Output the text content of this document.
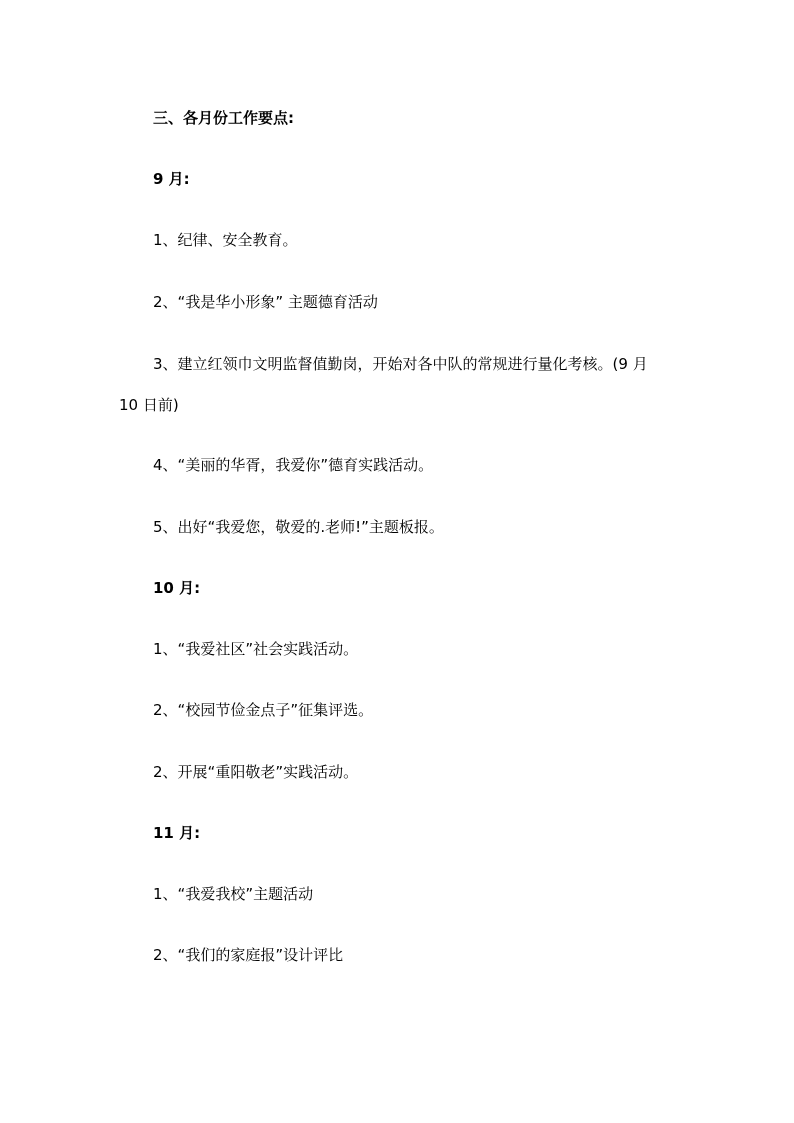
三、各月份工作要点:
9 月:
1、纪律、安全教育。
2、“我是华小形象” 主题德育活动
3、建立红领巾文明监督值勤岗，开始对各中队的常规进行量化考核。(9 月
10 日前)
4、“美丽的华胥，我爱你”德育实践活动。
5、出好“我爱您，敬爱的.老师!”主题板报。
10 月:
1、“我爱社区”社会实践活动。
2、“校园节俭金点子”征集评选。
2、开展“重阳敬老”实践活动。
11 月:
1、“我爱我校”主题活动
2、“我们的家庭报”设计评比
